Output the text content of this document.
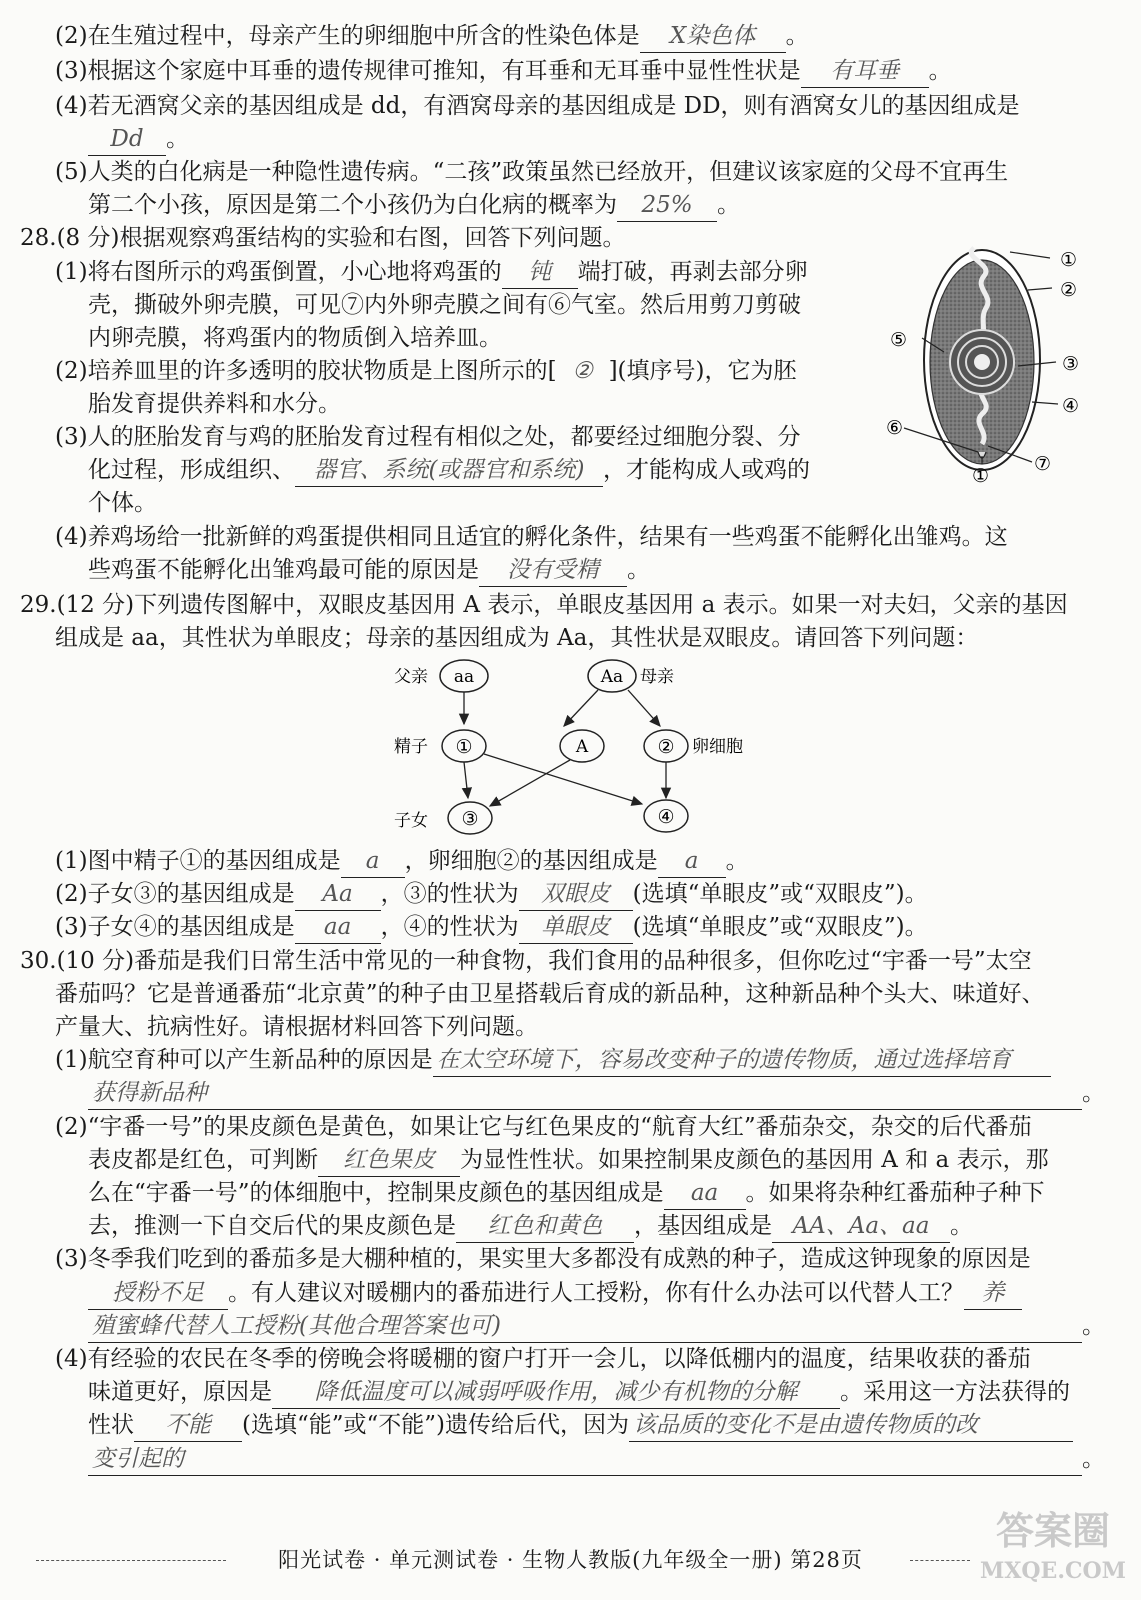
(2)在生殖过程中，母亲产生的卵细胞中所含的性染色体是 X染色体 。
(3)根据这个家庭中耳垂的遗传规律可推知，有耳垂和无耳垂中显性性状是 有耳垂 。
(4)若无酒窝父亲的基因组成是 dd，有酒窝母亲的基因组成是 DD，则有酒窝女儿的基因组成是
Dd 。
(5)人类的白化病是一种隐性遗传病。“二孩”政策虽然已经放开，但建议该家庭的父母不宜再生
第二个小孩，原因是第二个小孩仍为白化病的概率为 25% 。
28.(8 分)根据观察鸡蛋结构的实验和右图，回答下列问题。
(1)将右图所示的鸡蛋倒置，小心地将鸡蛋的 钝 端打破，再剥去部分卵
壳，撕破外卵壳膜，可见⑦内外卵壳膜之间有⑥气室。然后用剪刀剪破
内卵壳膜，将鸡蛋内的物质倒入培养皿。
(2)培养皿里的许多透明的胶状物质是上图所示的[ ② ](填序号)，它为胚
胎发育提供养料和水分。
(3)人的胚胎发育与鸡的胚胎发育过程有相似之处，都要经过细胞分裂、分
化过程，形成组织、 器官、系统(或器官和系统) ，才能构成人或鸡的
个体。
(4)养鸡场给一批新鲜的鸡蛋提供相同且适宜的孵化条件，结果有一些鸡蛋不能孵化出雏鸡。这
些鸡蛋不能孵化出雏鸡最可能的原因是 没有受精 。
①
②
③
④
⑤
⑥
⑦
①
29.(12 分)下列遗传图解中，双眼皮基因用 A 表示，单眼皮基因用 a 表示。如果一对夫妇，父亲的基因
组成是 aa，其性状为单眼皮；母亲的基因组成为 Aa，其性状是双眼皮。请回答下列问题：
父亲 aa	Aa 母亲
精子 ①	A	② 卵细胞
子女 ③	④
(1)图中精子①的基因组成是 a ，卵细胞②的基因组成是 a 。
(2)子女③的基因组成是 Aa ，③的性状为 双眼皮 (选填“单眼皮”或“双眼皮”)。
(3)子女④的基因组成是 aa ，④的性状为 单眼皮 (选填“单眼皮”或“双眼皮”)。
30.(10 分)番茄是我们日常生活中常见的一种食物，我们食用的品种很多，但你吃过“宇番一号”太空
番茄吗？它是普通番茄“北京黄”的种子由卫星搭载后育成的新品种，这种新品种个头大、味道好、
产量大、抗病性好。请根据材料回答下列问题。
(1)航空育种可以产生新品种的原因是 在太空环境下，容易改变种子的遗传物质，通过选择培育
获得新品种	。
(2)“宇番一号”的果皮颜色是黄色，如果让它与红色果皮的“航育大红”番茄杂交，杂交的后代番茄
表皮都是红色，可判断 红色果皮 为显性性状。如果控制果皮颜色的基因用 A 和 a 表示，那
么在“宇番一号”的体细胞中，控制果皮颜色的基因组成是 aa 。如果将杂种红番茄种子种下
去，推测一下自交后代的果皮颜色是 红色和黄色 ，基因组成是 AA、Aa、aa 。
(3)冬季我们吃到的番茄多是大棚种植的，果实里大多都没有成熟的种子，造成这钟现象的原因是
授粉不足 。有人建议对暖棚内的番茄进行人工授粉，你有什么办法可以代替人工？ 养
殖蜜蜂代替人工授粉(其他合理答案也可)	。
(4)有经验的农民在冬季的傍晚会将暖棚的窗户打开一会儿，以降低棚内的温度，结果收获的番茄
味道更好，原因是 降低温度可以减弱呼吸作用，减少有机物的分解 。采用这一方法获得的
性状 不能 (选填“能”或“不能”)遗传给后代，因为 该品质的变化不是由遗传物质的改
变引起的	。
阳光试卷 · 单元测试卷 · 生物人教版(九年级全一册) 第28页
答案圈
MXQE.COM
